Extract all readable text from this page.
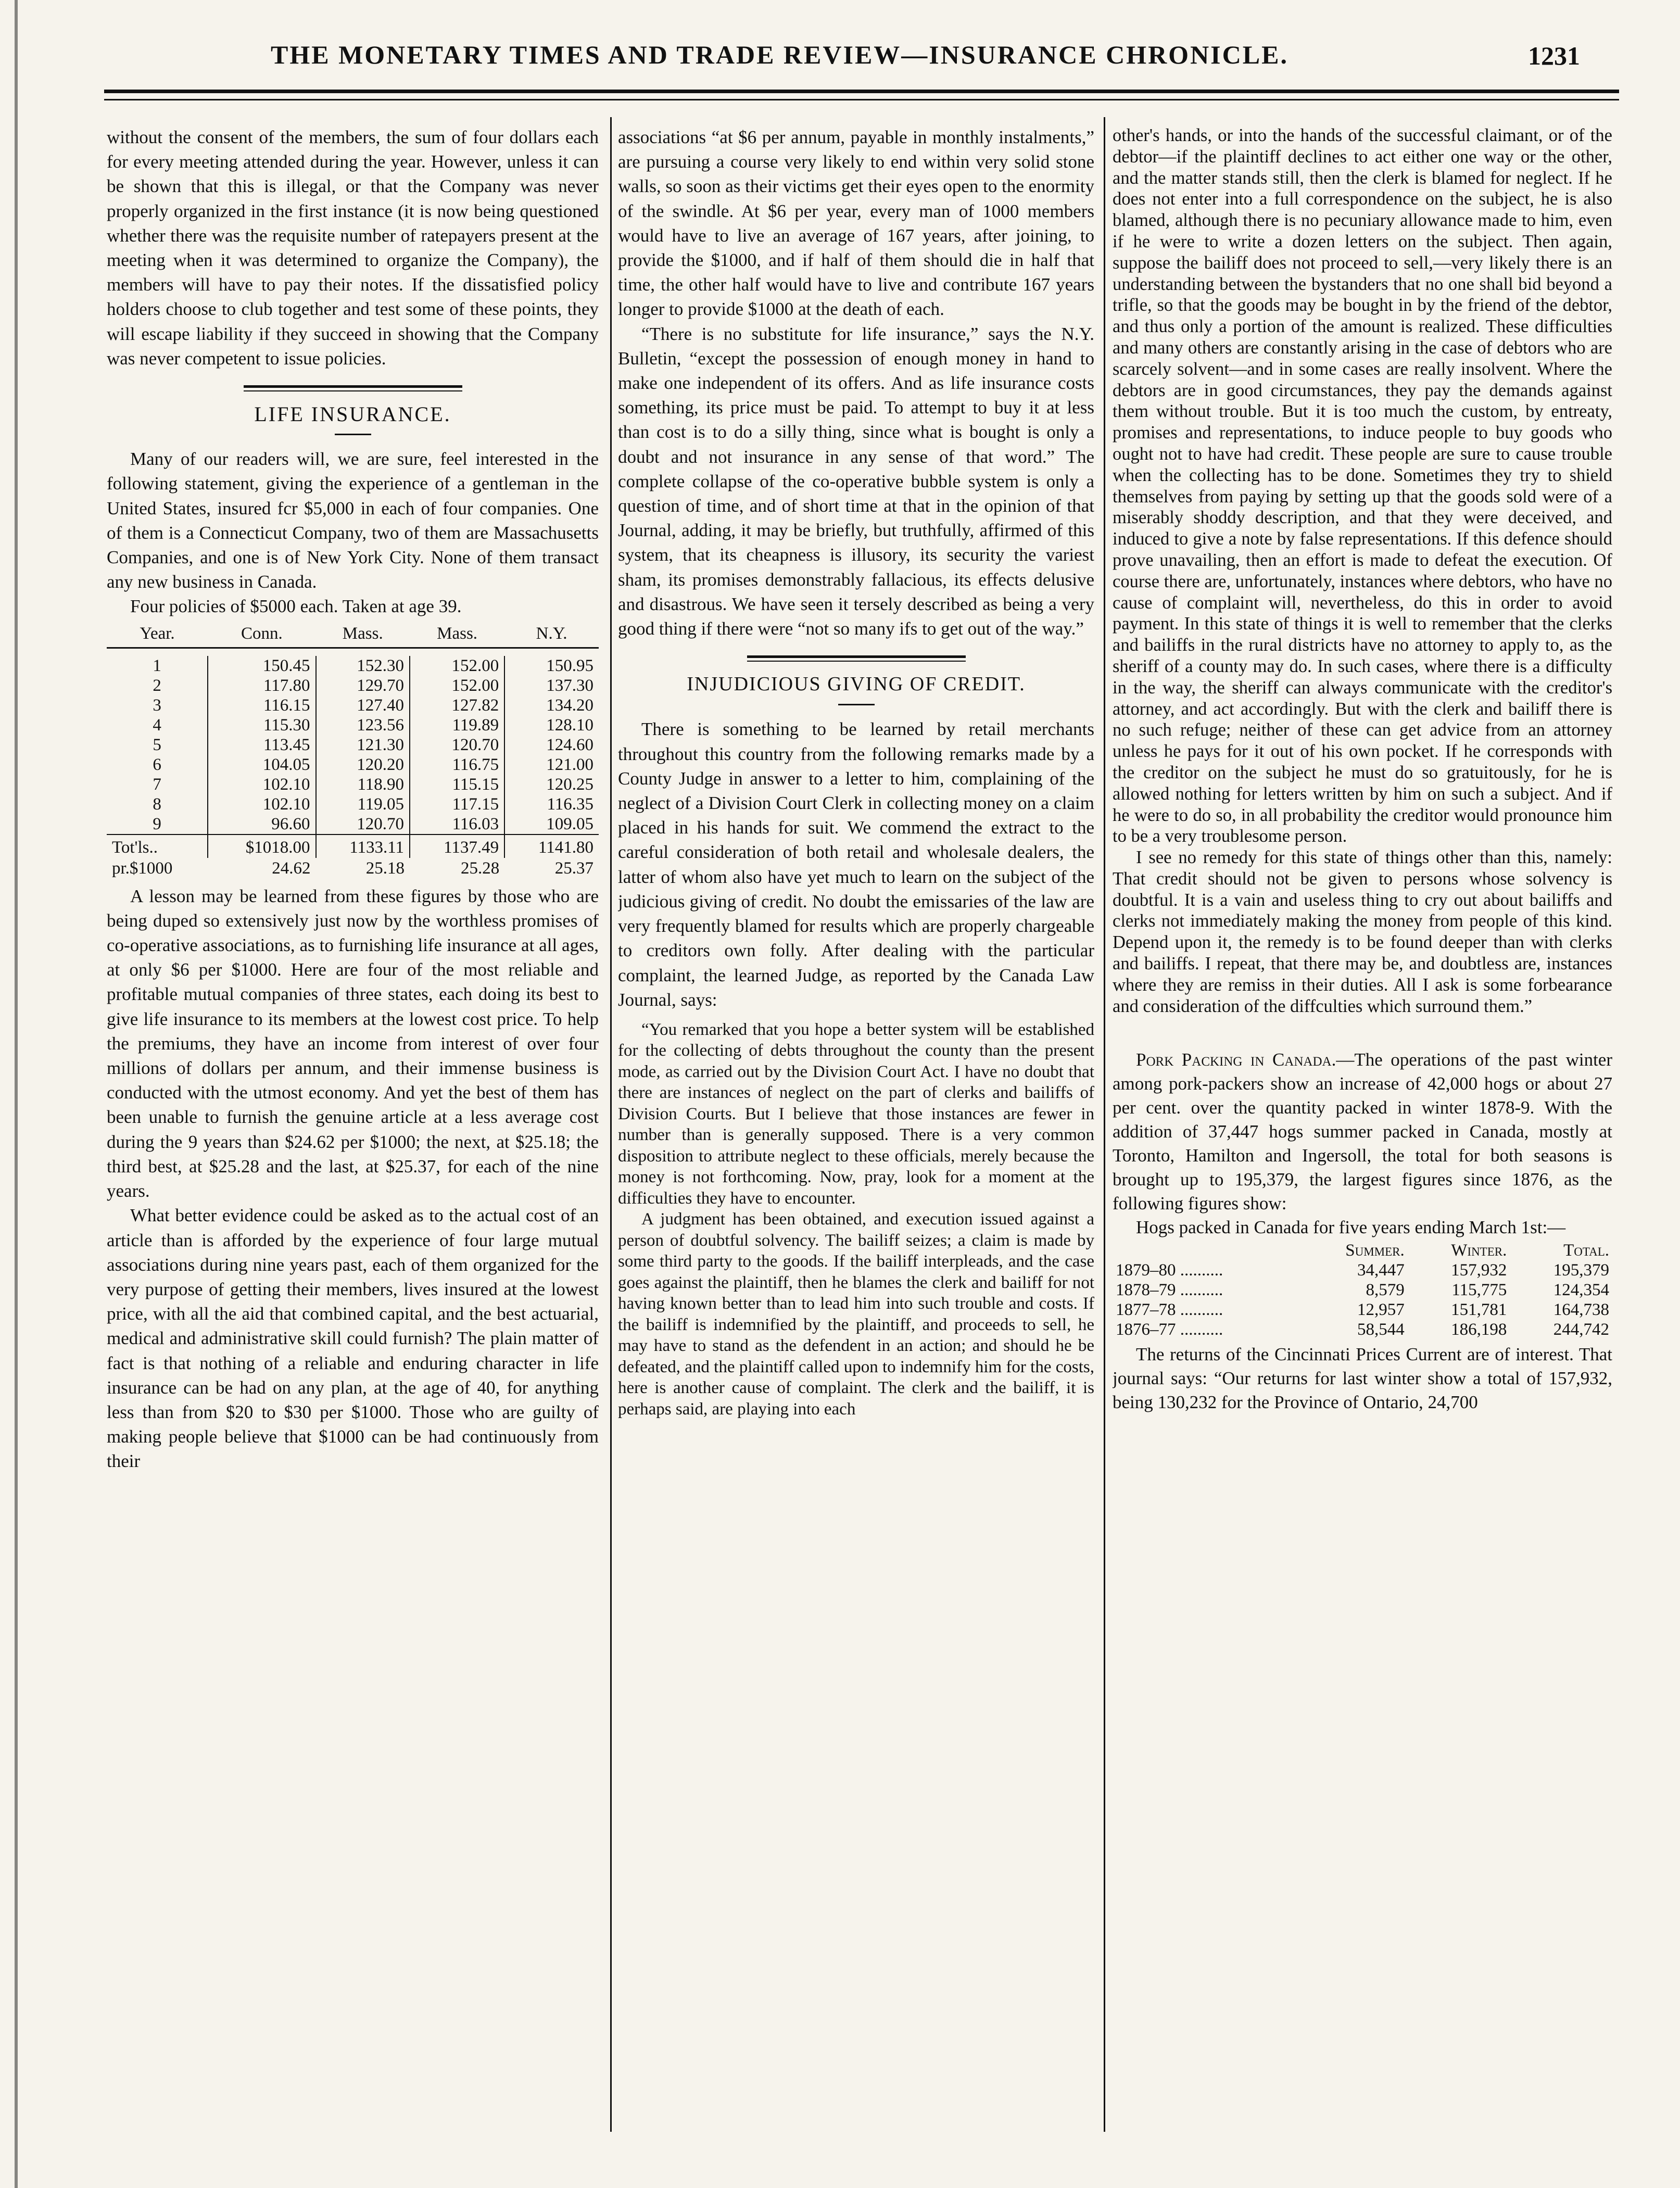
THE MONETARY TIMES AND TRADE REVIEW—INSURANCE CHRONICLE.	1231

without the consent of the members, the sum of four dollars each for every meeting attended during the year. However, unless it can be shown that this is illegal, or that the Company was never properly organized in the first instance (it is now being questioned whether there was the requisite number of ratepayers present at the meeting when it was determined to organize the Company), the members will have to pay their notes. If the dissatisfied policy holders choose to club together and test some of these points, they will escape liability if they succeed in showing that the Company was never competent to issue policies.

LIFE INSURANCE.

Many of our readers will, we are sure, feel interested in the following statement, giving the experience of a gentleman in the United States, insured fcr $5,000 in each of four companies. One of them is a Connecticut Company, two of them are Massachusetts Companies, and one is of New York City. None of them transact any new business in Canada.

Four policies of $5000 each. Taken at age 39.

Year.	Conn.	Mass.	Mass.	N.Y.

1	150.45	152.30	152.00	150.95
2	117.80	129.70	152.00	137.30
3	116.15	127.40	127.82	134.20
4	115.30	123.56	119.89	128.10
5	113.45	121.30	120.70	124.60
6	104.05	120.20	116.75	121.00
7	102.10	118.90	115.15	120.25
8	102.10	119.05	117.15	116.35
9	96.60	120.70	116.03	109.05
Tot'ls..	$1018.00	1133.11	1137.49	1141.80
pr.$1000	24.62	25.18	25.28	25.37

A lesson may be learned from these figures by those who are being duped so extensively just now by the worthless promises of co-operative associations, as to furnishing life insurance at all ages, at only $6 per $1000. Here are four of the most reliable and profitable mutual companies of three states, each doing its best to give life insurance to its members at the lowest cost price. To help the premiums, they have an income from interest of over four millions of dollars per annum, and their immense business is conducted with the utmost economy. And yet the best of them has been unable to furnish the genuine article at a less average cost during the 9 years than $24.62 per $1000; the next, at $25.18; the third best, at $25.28 and the last, at $25.37, for each of the nine years.

What better evidence could be asked as to the actual cost of an article than is afforded by the experience of four large mutual associations during nine years past, each of them organized for the very purpose of getting their members, lives insured at the lowest price, with all the aid that combined capital, and the best actuarial, medical and administrative skill could furnish? The plain matter of fact is that nothing of a reliable and enduring character in life insurance can be had on any plan, at the age of 40, for anything less than from $20 to $30 per $1000. Those who are guilty of making people believe that $1000 can be had continuously from their

associations “at $6 per annum, payable in monthly instalments,” are pursuing a course very likely to end within very solid stone walls, so soon as their victims get their eyes open to the enormity of the swindle. At $6 per year, every man of 1000 members would have to live an average of 167 years, after joining, to provide the $1000, and if half of them should die in half that time, the other half would have to live and contribute 167 years longer to provide $1000 at the death of each.

“There is no substitute for life insurance,” says the N.Y. Bulletin, “except the possession of enough money in hand to make one independent of its offers. And as life insurance costs something, its price must be paid. To attempt to buy it at less than cost is to do a silly thing, since what is bought is only a doubt and not insurance in any sense of that word.” The complete collapse of the co-operative bubble system is only a question of time, and of short time at that in the opinion of that Journal, adding, it may be briefly, but truthfully, affirmed of this system, that its cheapness is illusory, its security the variest sham, its promises demonstrably fallacious, its effects delusive and disastrous. We have seen it tersely described as being a very good thing if there were “not so many ifs to get out of the way.”

INJUDICIOUS GIVING OF CREDIT.

There is something to be learned by retail merchants throughout this country from the following remarks made by a County Judge in answer to a letter to him, complaining of the neglect of a Division Court Clerk in collecting money on a claim placed in his hands for suit. We commend the extract to the careful consideration of both retail and wholesale dealers, the latter of whom also have yet much to learn on the subject of the judicious giving of credit. No doubt the emissaries of the law are very frequently blamed for results which are properly chargeable to creditors own folly. After dealing with the particular complaint, the learned Judge, as reported by the Canada Law Journal, says:

“You remarked that you hope a better system will be established for the collecting of debts throughout the county than the present mode, as carried out by the Division Court Act. I have no doubt that there are instances of neglect on the part of clerks and bailiffs of Division Courts. But I believe that those instances are fewer in number than is generally supposed. There is a very common disposition to attribute neglect to these officials, merely because the money is not forthcoming. Now, pray, look for a moment at the difficulties they have to encounter.

A judgment has been obtained, and execution issued against a person of doubtful solvency. The bailiff seizes; a claim is made by some third party to the goods. If the bailiff interpleads, and the case goes against the plaintiff, then he blames the clerk and bailiff for not having known better than to lead him into such trouble and costs. If the bailiff is indemnified by the plaintiff, and proceeds to sell, he may have to stand as the defendent in an action; and should he be defeated, and the plaintiff called upon to indemnify him for the costs, here is another cause of complaint. The clerk and the bailiff, it is perhaps said, are playing into each

other's hands, or into the hands of the successful claimant, or of the debtor—if the plaintiff declines to act either one way or the other, and the matter stands still, then the clerk is blamed for neglect. If he does not enter into a full correspondence on the subject, he is also blamed, although there is no pecuniary allowance made to him, even if he were to write a dozen letters on the subject. Then again, suppose the bailiff does not proceed to sell,—very likely there is an understanding between the bystanders that no one shall bid beyond a trifle, so that the goods may be bought in by the friend of the debtor, and thus only a portion of the amount is realized. These difficulties and many others are constantly arising in the case of debtors who are scarcely solvent—and in some cases are really insolvent. Where the debtors are in good circumstances, they pay the demands against them without trouble. But it is too much the custom, by entreaty, promises and representations, to induce people to buy goods who ought not to have had credit. These people are sure to cause trouble when the collecting has to be done. Sometimes they try to shield themselves from paying by setting up that the goods sold were of a miserably shoddy description, and that they were deceived, and induced to give a note by false representations. If this defence should prove unavailing, then an effort is made to defeat the execution. Of course there are, unfortunately, instances where debtors, who have no cause of complaint will, nevertheless, do this in order to avoid payment. In this state of things it is well to remember that the clerks and bailiffs in the rural districts have no attorney to apply to, as the sheriff of a county may do. In such cases, where there is a difficulty in the way, the sheriff can always communicate with the creditor's attorney, and act accordingly. But with the clerk and bailiff there is no such refuge; neither of these can get advice from an attorney unless he pays for it out of his own pocket. If he corresponds with the creditor on the subject he must do so gratuitously, for he is allowed nothing for letters written by him on such a subject. And if he were to do so, in all probability the creditor would pronounce him to be a very troublesome person.

I see no remedy for this state of things other than this, namely: That credit should not be given to persons whose solvency is doubtful. It is a vain and useless thing to cry out about bailiffs and clerks not immediately making the money from people of this kind. Depend upon it, the remedy is to be found deeper than with clerks and bailiffs. I repeat, that there may be, and doubtless are, instances where they are remiss in their duties. All I ask is some forbearance and consideration of the diffculties which surround them.”

Pork Packing in Canada.—The operations of the past winter among pork-packers show an increase of 42,000 hogs or about 27 per cent. over the quantity packed in winter 1878-9. With the addition of 37,447 hogs summer packed in Canada, mostly at Toronto, Hamilton and Ingersoll, the total for both seasons is brought up to 195,379, the largest figures since 1876, as the following figures show:

Hogs packed in Canada for five years ending March 1st:—

	Summer.	Winter.	Total.
1879–80 ..........	34,447	157,932	195,379
1878–79 ..........	8,579	115,775	124,354
1877–78 ..........	12,957	151,781	164,738
1876–77 ..........	58,544	186,198	244,742

The returns of the Cincinnati Prices Current are of interest. That journal says: “Our returns for last winter show a total of 157,932, being 130,232 for the Province of Ontario, 24,700
